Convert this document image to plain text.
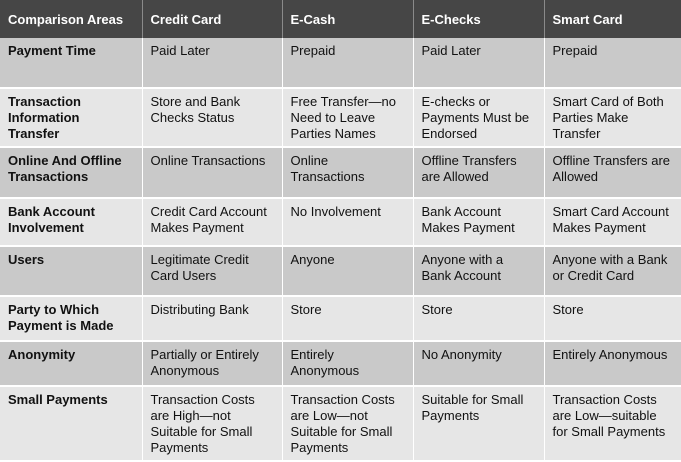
Comparison Areas	Credit Card	E-Cash	E-Checks	Smart Card
Payment Time	Paid Later	Prepaid	Paid Later	Prepaid
Transaction Information Transfer	Store and Bank Checks Status	Free Transfer—no Need to Leave Parties Names	E-checks or Payments Must be Endorsed	Smart Card of Both Parties Make Transfer
Online And Offline Transactions	Online Transactions	Online Transactions	Offline Transfers are Allowed	Offline Transfers are Allowed
Bank Account Involvement	Credit Card Account Makes Payment	No Involvement	Bank Account Makes Payment	Smart Card Account Makes Payment
Users	Legitimate Credit Card Users	Anyone	Anyone with a Bank Account	Anyone with a Bank or Credit Card
Party to Which Payment is Made	Distributing Bank	Store	Store	Store
Anonymity	Partially or Entirely Anonymous	Entirely Anonymous	No Anonymity	Entirely Anonymous
Small Payments	Transaction Costs are High—not Suitable for Small Payments	Transaction Costs are Low—not Suitable for Small Payments	Suitable for Small Payments	Transaction Costs are Low—suitable for Small Payments
